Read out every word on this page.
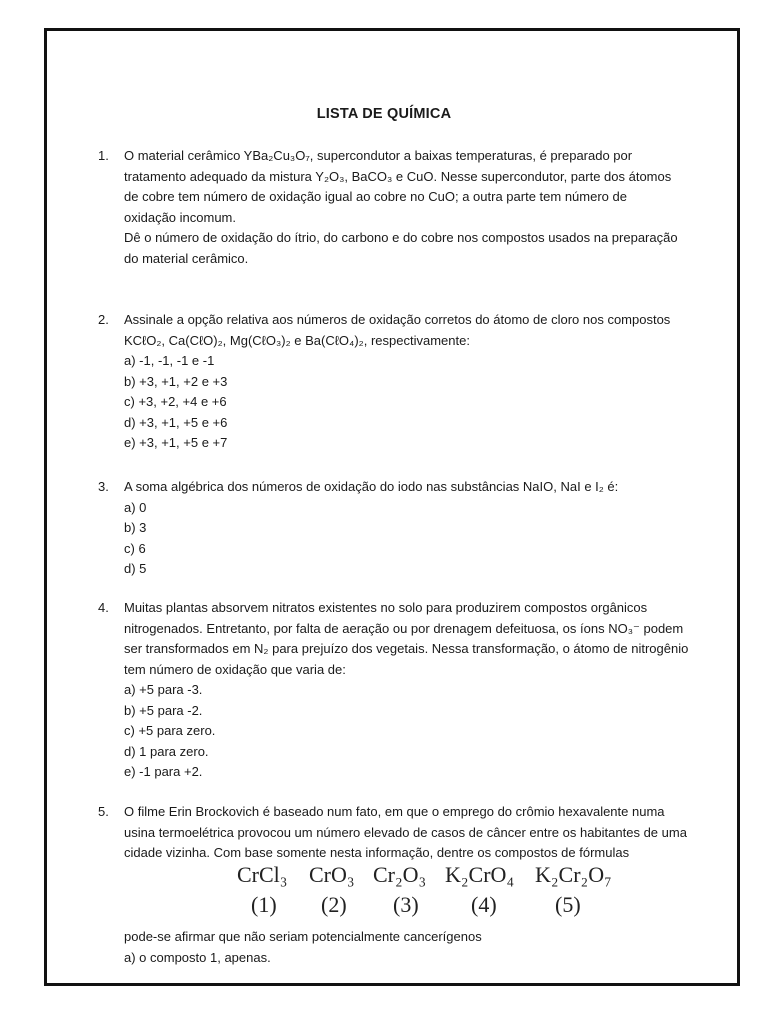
LISTA DE QUÍMICA
1.	O material cerâmico YBa₂Cu₃O₇, supercondutor a baixas temperaturas, é preparado por
tratamento adequado da mistura Y₂O₃, BaCO₃ e CuO. Nesse supercondutor, parte dos átomos
de cobre tem número de oxidação igual ao cobre no CuO; a outra parte tem número de
oxidação incomum.
Dê o número de oxidação do ítrio, do carbono e do cobre nos compostos usados na preparação
do material cerâmico.
2.	Assinale a opção relativa aos números de oxidação corretos do átomo de cloro nos compostos
KCℓO₂, Ca(CℓO)₂, Mg(CℓO₃)₂ e Ba(CℓO₄)₂, respectivamente:
a) -1, -1, -1 e -1
b) +3, +1, +2 e +3
c) +3, +2, +4 e +6
d) +3, +1, +5 e +6
e) +3, +1, +5 e +7
3.	A soma algébrica dos números de oxidação do iodo nas substâncias NaIO, NaI e I₂ é:
a) 0
b) 3
c) 6
d) 5
4.	Muitas plantas absorvem nitratos existentes no solo para produzirem compostos orgânicos
nitrogenados. Entretanto, por falta de aeração ou por drenagem defeituosa, os íons NO₃⁻ podem
ser transformados em N₂ para prejuízo dos vegetais. Nessa transformação, o átomo de nitrogênio
tem número de oxidação que varia de:
a) +5 para -3.
b) +5 para -2.
c) +5 para zero.
d) 1 para zero.
e) -1 para +2.
5.	O filme Erin Brockovich é baseado num fato, em que o emprego do crômio hexavalente numa
usina termoelétrica provocou um número elevado de casos de câncer entre os habitantes de uma
cidade vizinha. Com base somente nesta informação, dentre os compostos de fórmulas
CrCl₃ CrO₃ Cr₂O₃ K₂CrO₄ K₂Cr₂O₇
(1) (2) (3) (4)	(5)
pode-se afirmar que não seriam potencialmente cancerígenos
a) o composto 1, apenas.
